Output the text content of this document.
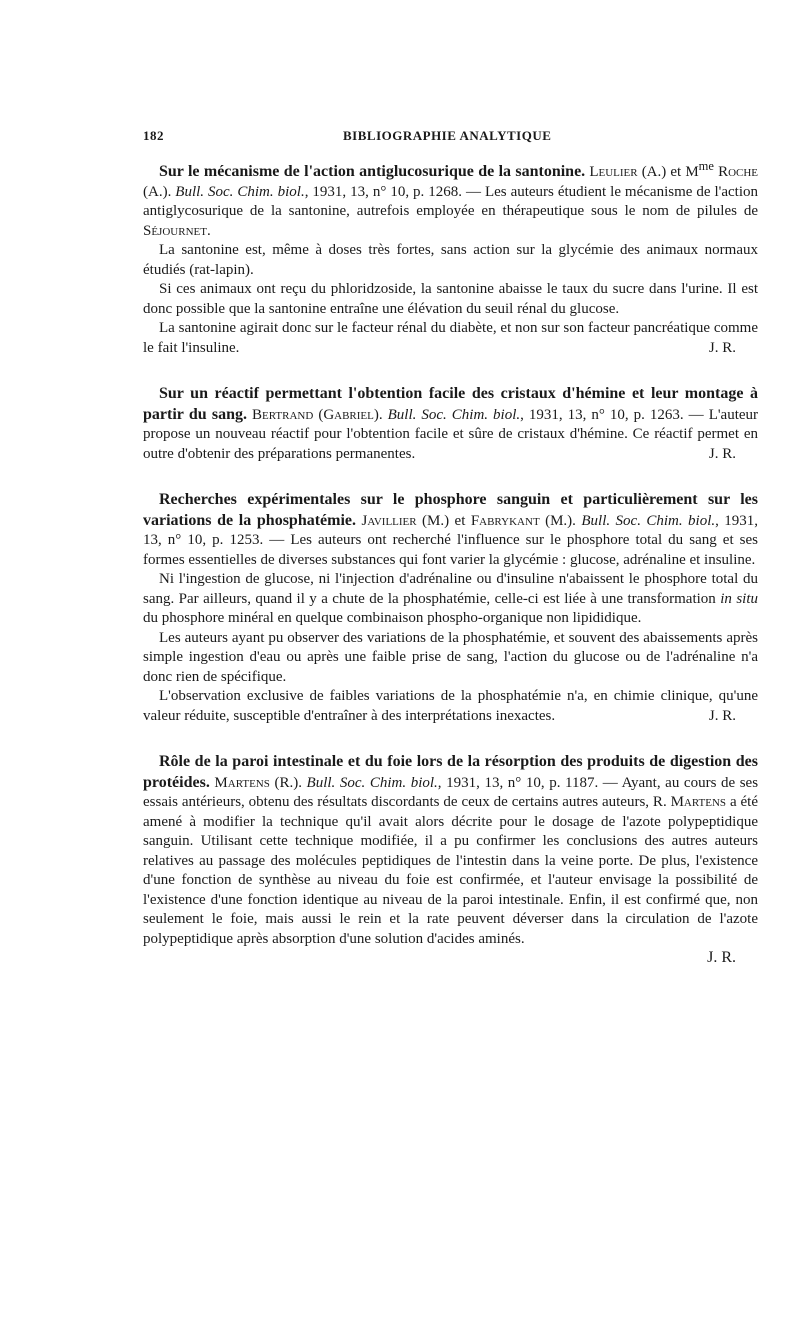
182	BIBLIOGRAPHIE ANALYTIQUE

Sur le mécanisme de l'action antiglucosurique de la santonine. Leulier (A.) et $M^{me}$ Roche (A.). Bull. Soc. Chim. biol., 1931, 13, n° 10, p. 1268. — Les auteurs étudient le mécanisme de l'action antiglycosurique de la santonine, autrefois employée en thérapeutique sous le nom de pilules de Séjournet.

La santonine est, même à doses très fortes, sans action sur la glycémie des animaux normaux étudiés (rat-lapin).

Si ces animaux ont reçu du phloridzoside, la santonine abaisse le taux du sucre dans l'urine. Il est donc possible que la santonine entraîne une élévation du seuil rénal du glucose.

La santonine agirait donc sur le facteur rénal du diabète, et non sur son facteur pancréatique comme le fait l'insuline.	J. R.

Sur un réactif permettant l'obtention facile des cristaux d'hémine et leur montage à partir du sang. Bertrand (Gabriel). Bull. Soc. Chim. biol., 1931, 13, n° 10, p. 1263. — L'auteur propose un nouveau réactif pour l'obtention facile et sûre de cristaux d'hémine. Ce réactif permet en outre d'obtenir des préparations permanentes.	J. R.

Recherches expérimentales sur le phosphore sanguin et particulièrement sur les variations de la phosphatémie. Javillier (M.) et Fabrykant (M.). Bull. Soc. Chim. biol., 1931, 13, n° 10, p. 1253. — Les auteurs ont recherché l'influence sur le phosphore total du sang et ses formes essentielles de diverses substances qui font varier la glycémie : glucose, adrénaline et insuline.

Ni l'ingestion de glucose, ni l'injection d'adrénaline ou d'insuline n'abaissent le phosphore total du sang. Par ailleurs, quand il y a chute de la phosphatémie, celle-ci est liée à une transformation in situ du phosphore minéral en quelque combinaison phospho-organique non lipididique.

Les auteurs ayant pu observer des variations de la phosphatémie, et souvent des abaissements après simple ingestion d'eau ou après une faible prise de sang, l'action du glucose ou de l'adrénaline n'a donc rien de spécifique.

L'observation exclusive de faibles variations de la phosphatémie n'a, en chimie clinique, qu'une valeur réduite, susceptible d'entraîner à des interprétations inexactes.	J. R.

Rôle de la paroi intestinale et du foie lors de la résorption des produits de digestion des protéides. Martens (R.). Bull. Soc. Chim. biol., 1931, 13, n° 10, p. 1187. — Ayant, au cours de ses essais antérieurs, obtenu des résultats discordants de ceux de certains autres auteurs, R. Martens a été amené à modifier la technique qu'il avait alors décrite pour le dosage de l'azote polypeptidique sanguin. Utilisant cette technique modifiée, il a pu confirmer les conclusions des autres auteurs relatives au passage des molécules peptidiques de l'intestin dans la veine porte. De plus, l'existence d'une fonction de synthèse au niveau du foie est confirmée, et l'auteur envisage la possibilité de l'existence d'une fonction identique au niveau de la paroi intestinale. Enfin, il est confirmé que, non seulement le foie, mais aussi le rein et la rate peuvent déverser dans la circulation de l'azote polypeptidique après absorption d'une solution d'acides aminés.

J. R.
